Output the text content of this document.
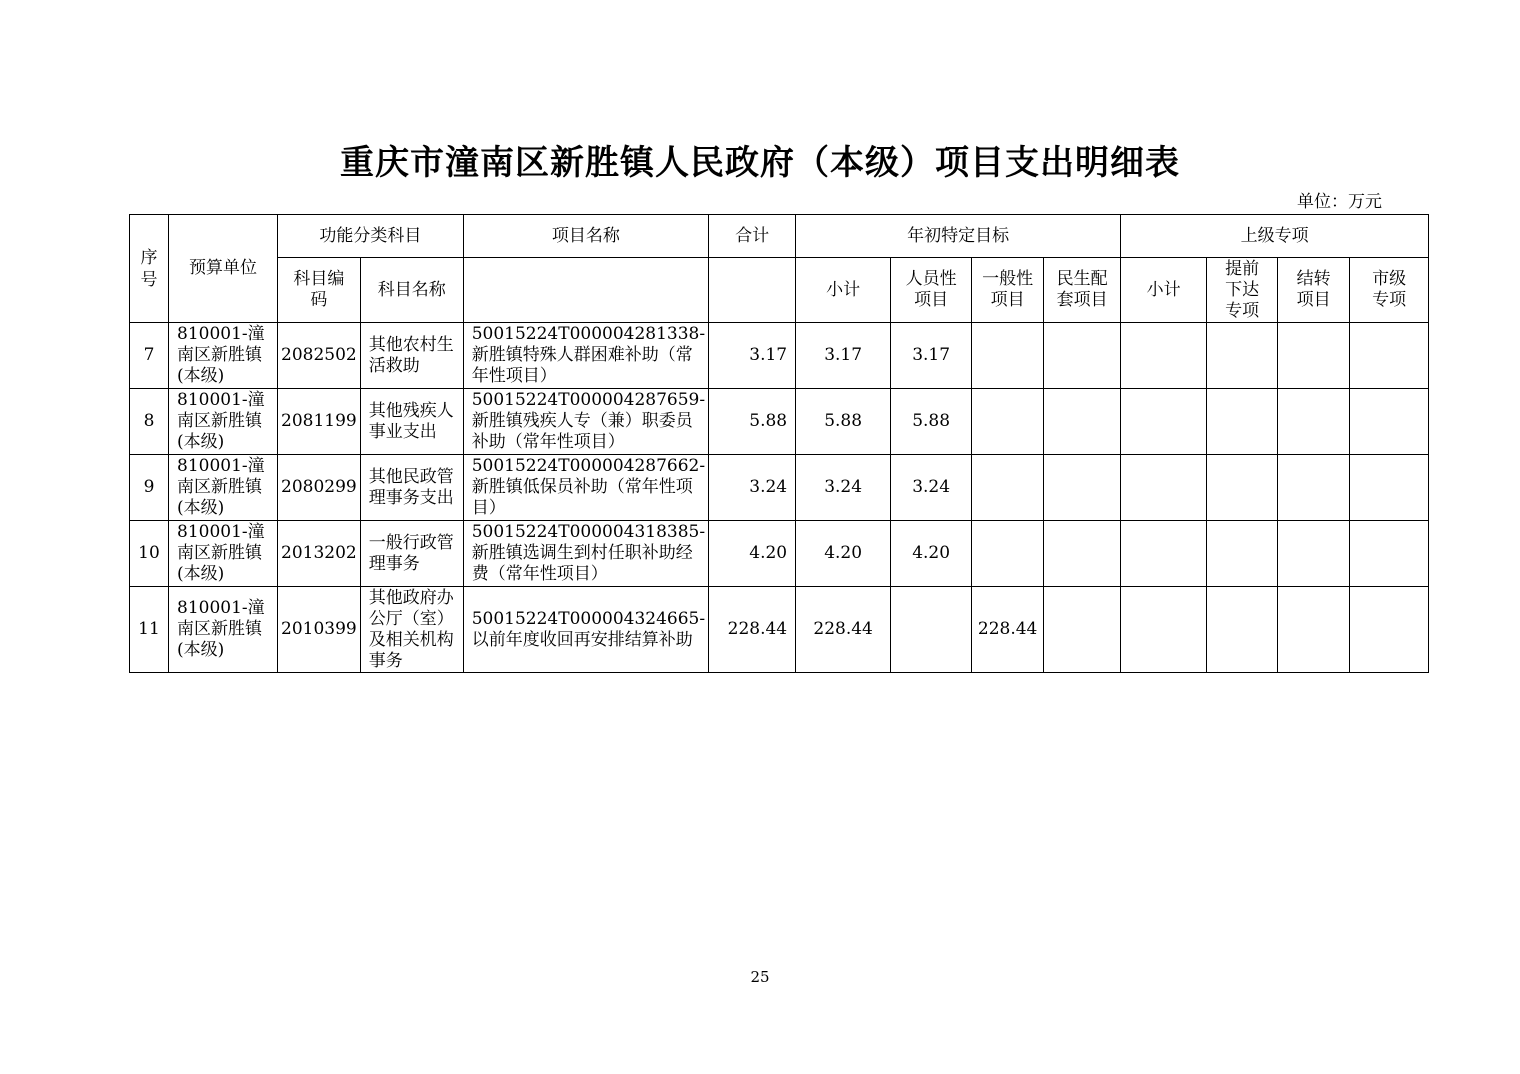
重庆市潼南区新胜镇人民政府（本级）项目支出明细表
单位：万元
序号	预算单位	功能分类科目		项目名称	合计	年初特定目标				上级专项			
		科目编码	科目名称			小计	人员性项目	一般性项目	民生配套项目	小计	提前下达专项	结转项目	市级专项
7	810001-潼南区新胜镇(本级)	2082502	其他农村生活救助	50015224T000004281338-新胜镇特殊人群困难补助（常年性项目）	3.17	3.17	3.17						
8	810001-潼南区新胜镇(本级)	2081199	其他残疾人事业支出	50015224T000004287659-新胜镇残疾人专（兼）职委员补助（常年性项目）	5.88	5.88	5.88						
9	810001-潼南区新胜镇(本级)	2080299	其他民政管理事务支出	50015224T000004287662-新胜镇低保员补助（常年性项目）	3.24	3.24	3.24						
10	810001-潼南区新胜镇(本级)	2013202	一般行政管理事务	50015224T000004318385-新胜镇选调生到村任职补助经费（常年性项目）	4.20	4.20	4.20						
11	810001-潼南区新胜镇(本级)	2010399	其他政府办公厅（室）及相关机构事务	50015224T000004324665-以前年度收回再安排结算补助	228.44	228.44		228.44					
25
